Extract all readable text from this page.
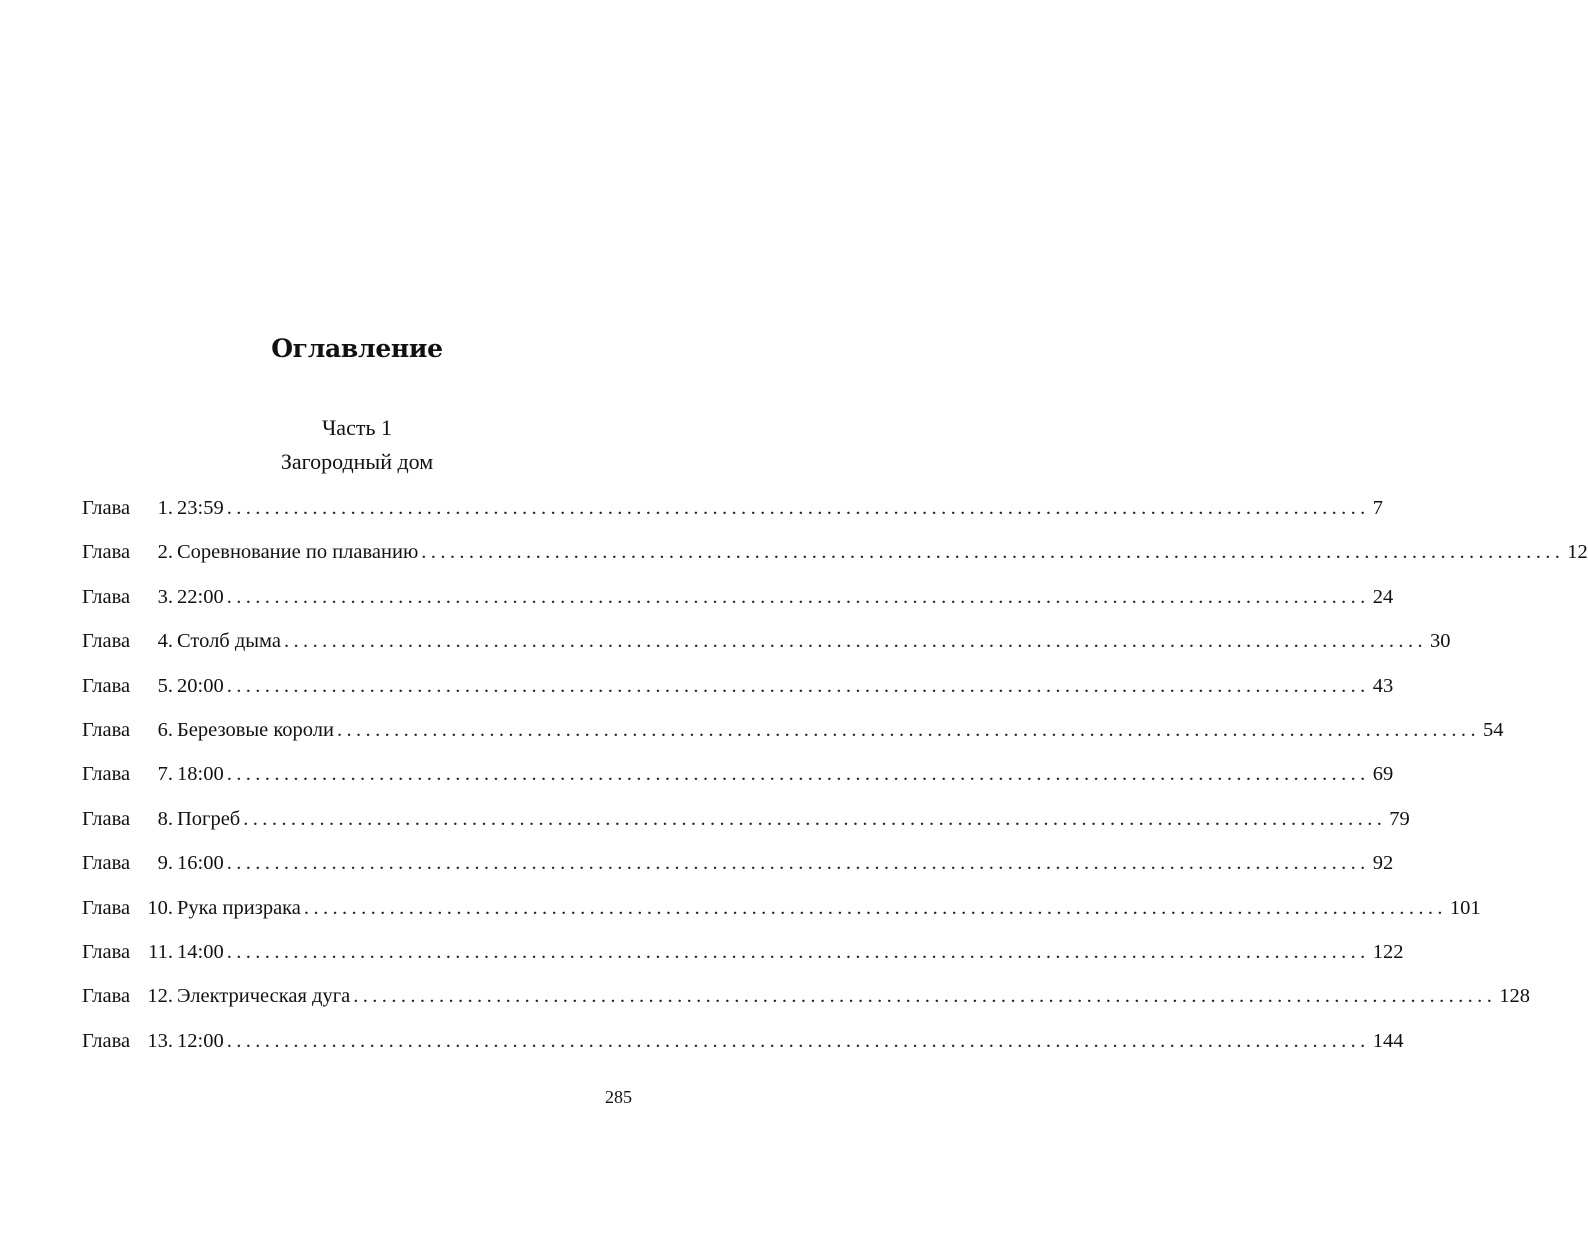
Оглавление
Часть 1
Загородный дом
Глава	1. 23:59 ........................................................................................................................ 7
Глава	2. Соревнование по плаванию ........................................................................................................................ 12
Глава	3. 22:00 ........................................................................................................................ 24
Глава	4. Столб дыма ........................................................................................................................ 30
Глава	5. 20:00 ........................................................................................................................ 43
Глава	6. Березовые короли ........................................................................................................................ 54
Глава	7. 18:00 ........................................................................................................................ 69
Глава	8. Погреб ........................................................................................................................ 79
Глава	9. 16:00 ........................................................................................................................ 92
Глава 10. Рука призрака ........................................................................................................................ 101
Глава 11. 14:00 ........................................................................................................................ 122
Глава 12. Электрическая дуга ........................................................................................................................ 128
Глава 13. 12:00 ........................................................................................................................ 144
285
